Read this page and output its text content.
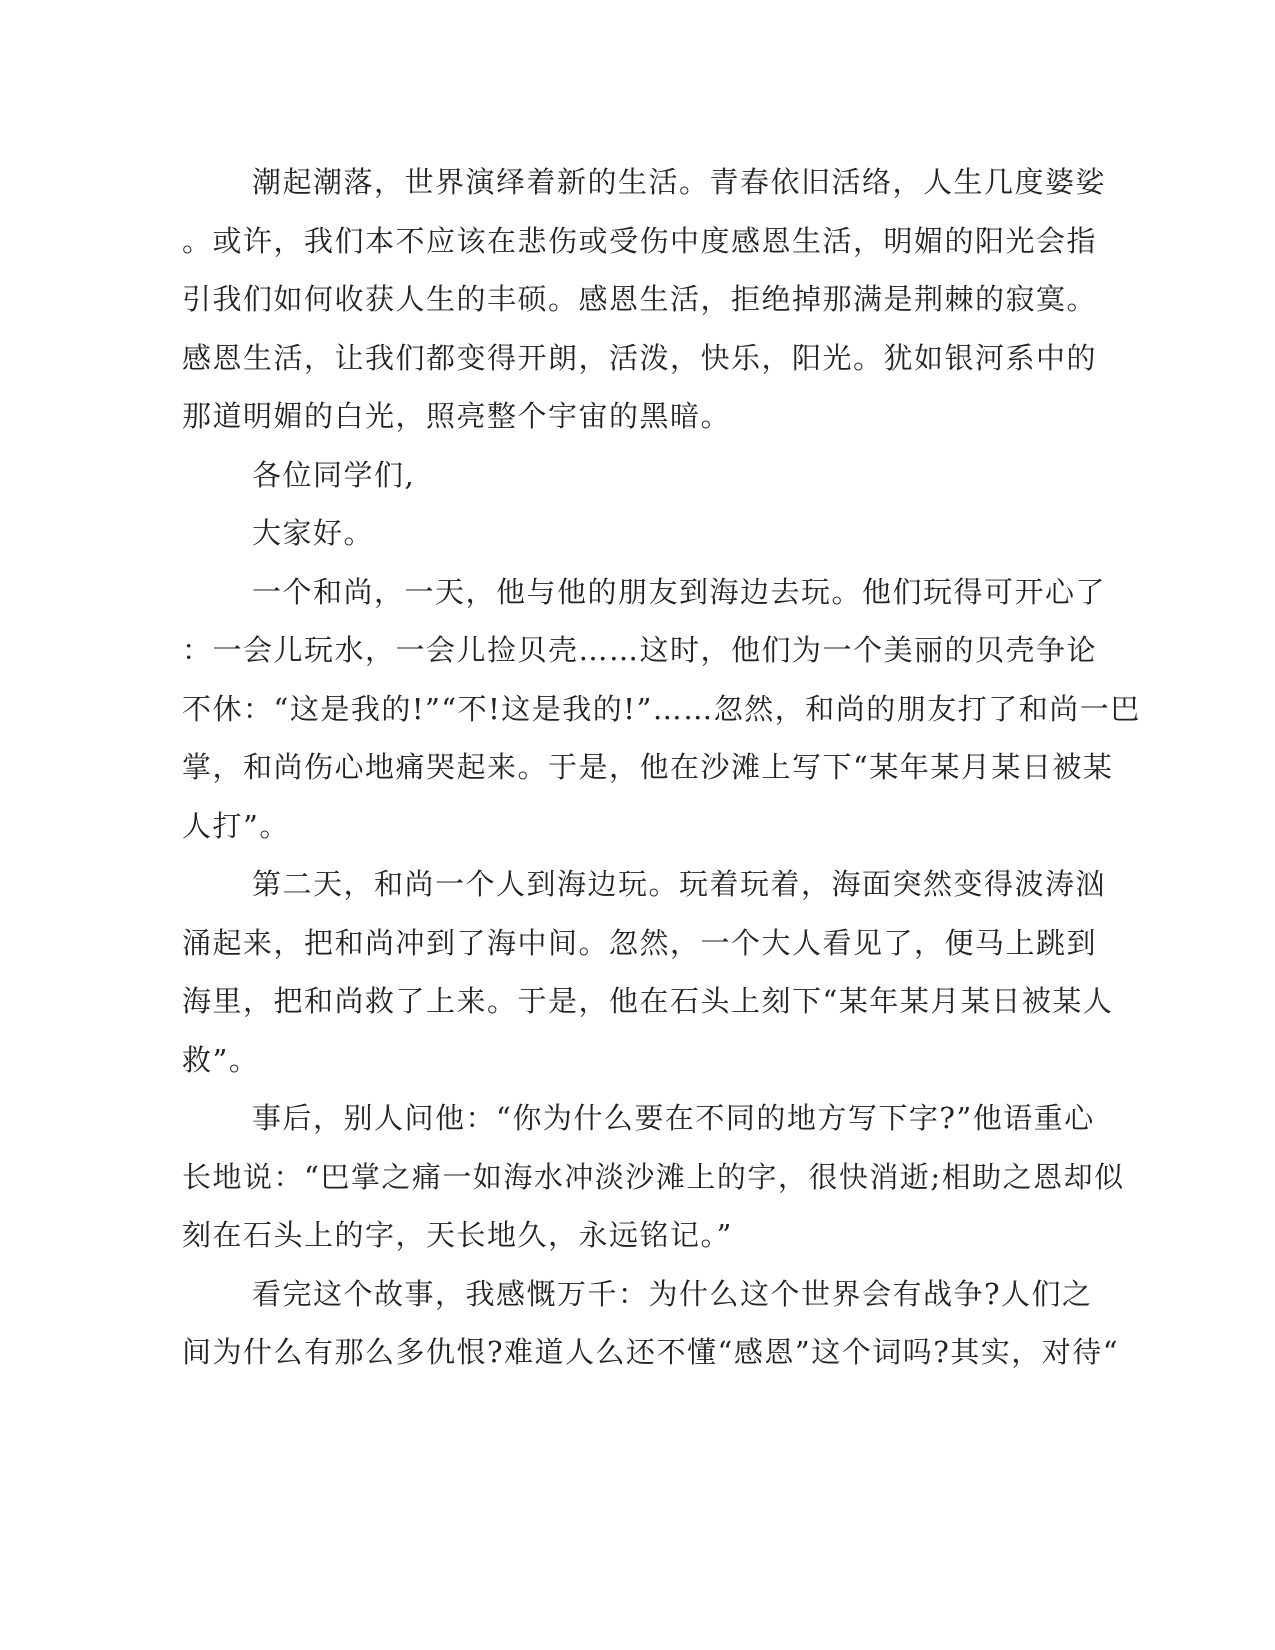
潮起潮落，世界演绎着新的生活。青春依旧活络，人生几度婆娑
。或许，我们本不应该在悲伤或受伤中度感恩生活，明媚的阳光会指
引我们如何收获人生的丰硕。感恩生活，拒绝掉那满是荆棘的寂寞。
感恩生活，让我们都变得开朗，活泼，快乐，阳光。犹如银河系中的
那道明媚的白光，照亮整个宇宙的黑暗。
各位同学们,
大家好。
一个和尚，一天，他与他的朋友到海边去玩。他们玩得可开心了
：一会儿玩水，一会儿捡贝壳……这时，他们为一个美丽的贝壳争论
不休：“这是我的!”“不!这是我的!”……忽然，和尚的朋友打了和尚一巴
掌，和尚伤心地痛哭起来。于是，他在沙滩上写下“某年某月某日被某
人打”。
第二天，和尚一个人到海边玩。玩着玩着，海面突然变得波涛汹
涌起来，把和尚冲到了海中间。忽然，一个大人看见了，便马上跳到
海里，把和尚救了上来。于是，他在石头上刻下“某年某月某日被某人
救”。
事后，别人问他：“你为什么要在不同的地方写下字?”他语重心
长地说：“巴掌之痛一如海水冲淡沙滩上的字，很快消逝;相助之恩却似
刻在石头上的字，天长地久，永远铭记。”
看完这个故事，我感慨万千：为什么这个世界会有战争?人们之
间为什么有那么多仇恨?难道人么还不懂“感恩”这个词吗?其实，对待“
